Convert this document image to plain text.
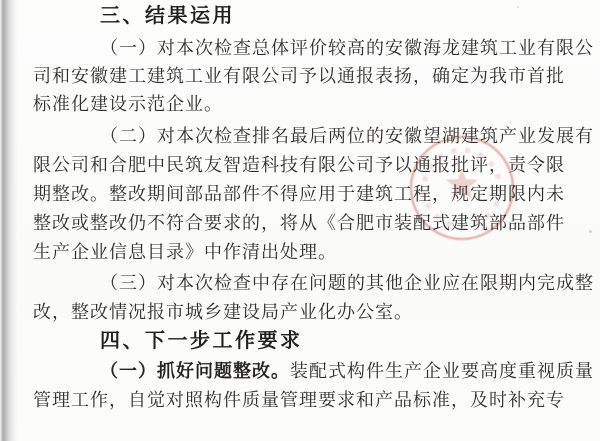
三、结果运用
（一）对本次检查总体评价较高的安徽海龙建筑工业有限公
司和安徽建工建筑工业有限公司予以通报表扬，确定为我市首批
标准化建设示范企业。
（二）对本次检查排名最后两位的安徽望湖建筑产业发展有
限公司和合肥中民筑友智造科技有限公司予以通报批评，责令限
期整改。整改期间部品部件不得应用于建筑工程，规定期限内未
整改或整改仍不符合要求的，将从《合肥市装配式建筑部品部件
生产企业信息目录》中作清出处理。
（三）对本次检查中存在问题的其他企业应在限期内完成整
改，整改情况报市城乡建设局产业化办公室。
四、下一步工作要求
（一）抓好问题整改。装配式构件生产企业要高度重视质量
管理工作，自觉对照构件质量管理要求和产品标准，及时补充专
